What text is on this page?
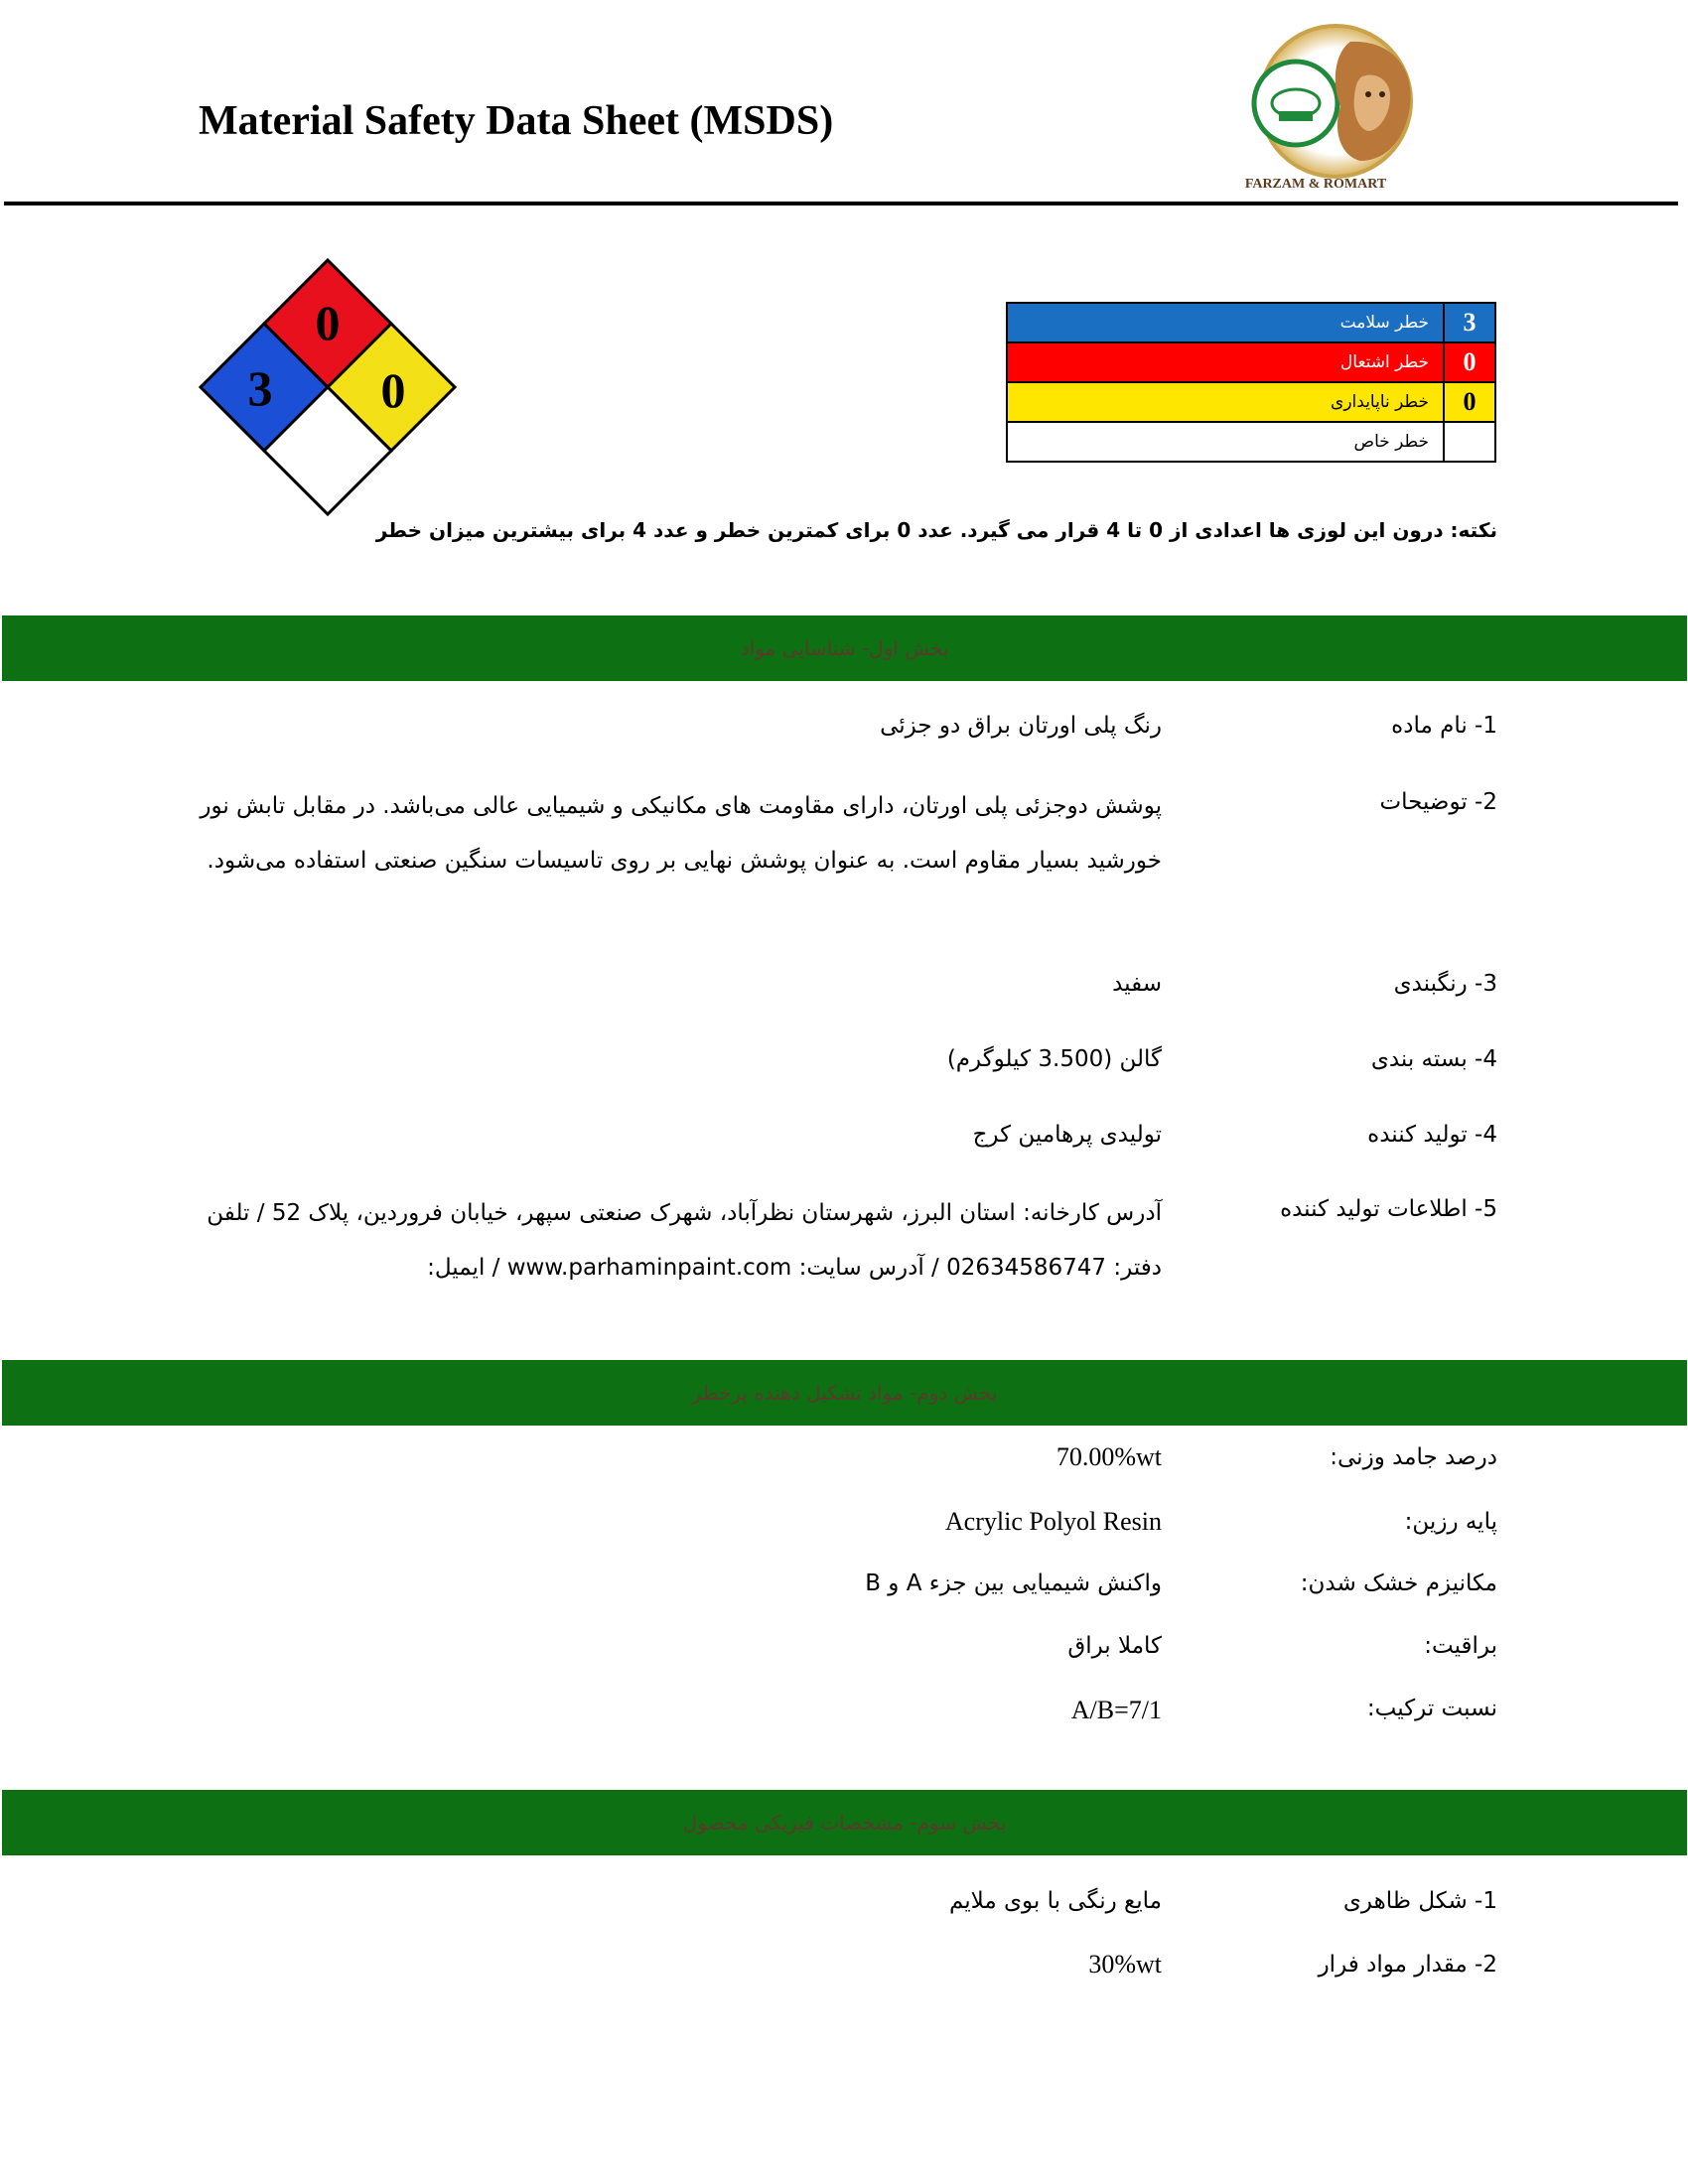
Material Safety Data Sheet (MSDS)
FARZAM & ROMART
0
3 0
خطر سلامت	3
خطر اشتعال	0
خطر ناپایداری	0
خطر خاص	
نکته: درون این لوزی ها اعدادی از 0 تا 4 قرار می گیرد. عدد 0 برای کمترین خطر و عدد 4 برای بیشترین میزان خطر
بخش اول- شناسایی مواد
1- نام ماده
رنگ پلی اورتان براق دو جزئی
2- توضیحات
پوشش دوجزئی پلی اورتان، دارای مقاومت های مکانیکی و شیمیایی عالی می‌باشد. در مقابل تابش نور خورشید بسیار مقاوم است. به عنوان پوشش نهایی بر روی تاسیسات سنگین صنعتی استفاده می‌شود.
3- رنگبندی
سفید
4- بسته بندی
گالن (3.500 کیلوگرم)
4- تولید کننده
تولیدی پرهامین کرج
5- اطلاعات تولید کننده
آدرس کارخانه: استان البرز، شهرستان نظرآباد، شهرک صنعتی سپهر، خیابان فروردین، پلاک 52 / تلفن دفتر: 02634586747 / آدرس سایت: www.parhaminpaint.com / ایمیل:
بخش دوم- مواد تشکیل دهنده پرخطر
درصد جامد وزنی:
70.00%wt
پایه رزین:
Acrylic Polyol Resin
مکانیزم خشک شدن:
واکنش شیمیایی بین جزء A و B
براقیت:
کاملا براق
نسبت ترکیب:
A/B=7/1
بخش سوم- مشخصات فیزیکی محصول
1- شکل ظاهری
مایع رنگی با بوی ملایم
2- مقدار مواد فرار
30%wt
